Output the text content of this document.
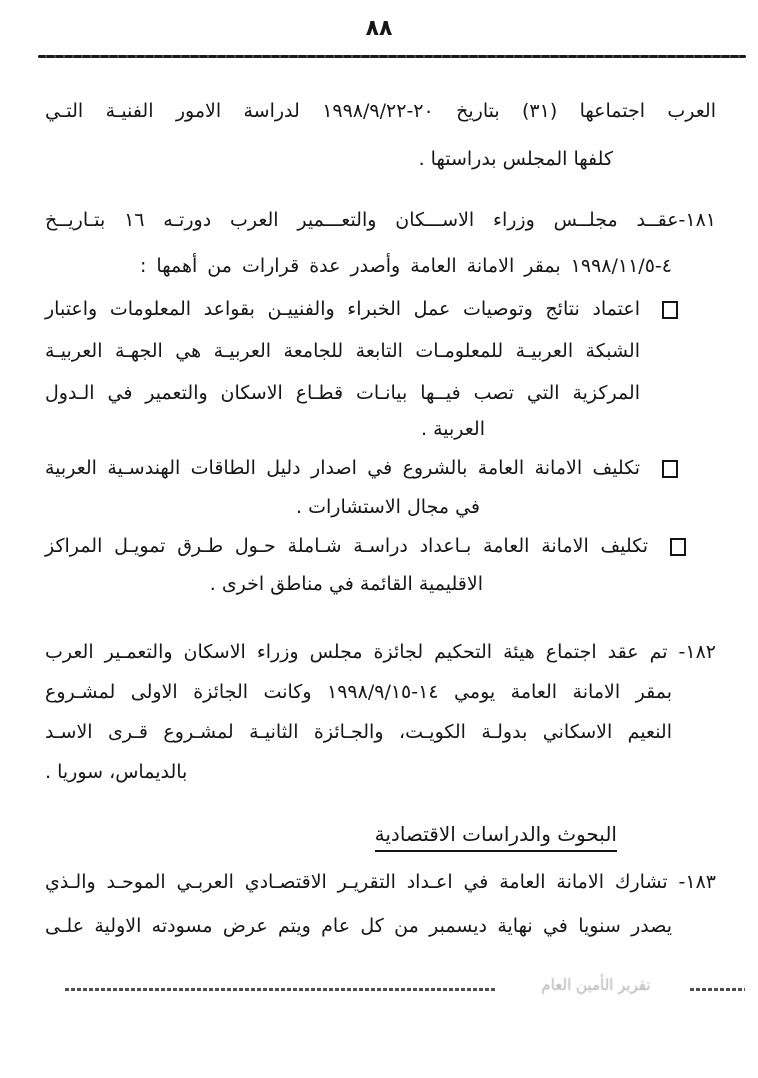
٨٨
العرب اجتماعها (٣١) بتاريخ ٢٠-١٩٩٨/٩/٢٢ لدراسة الامور الفنيـة التـي
كلفها المجلس بدراستها .
١٨١-عقــد مجلــس وزراء الاســـكان والتعـــمير العرب دورتـه ١٦ بتـاريــخ
٤-١٩٩٨/١١/٥ بمقر الامانة العامة وأصدر عدة قرارات من أهمها :
اعتماد نتائج وتوصيات عمل الخبراء والفنييـن بقواعد المعلومات واعتبار
الشبكة العربيـة للمعلومـات التابعة للجامعة العربيـة هي الجهـة العربيـة
المركزية التي تصب فيــها بيانـات قطـاع الاسكان والتعمير في الـدول
العربية .
تكليف الامانة العامة بالشروع في اصدار دليل الطاقات الهندسـية العربية
في مجال الاستشارات .
تكليف الامانة العامة بـاعداد دراسـة شـاملة حـول طـرق تمويـل المراكز
الاقليمية القائمة في مناطق اخرى .
١٨٢- تم عقد اجتماع هيئة التحكيم لجائزة مجلس وزراء الاسكان والتعمـير العرب
بمقر الامانة العامة يومي ١٤-١٩٩٨/٩/١٥ وكانت الجائزة الاولى لمشـروع
النعيم الاسكاني بدولـة الكويـت، والجـائزة الثانيـة لمشـروع قـرى الاسـد
بالديماس، سوريا .
البحوث والدراسات الاقتصادية
١٨٣- تشارك الامانة العامة في اعـداد التقريـر الاقتصـادي العربـي الموحـد والـذي
يصدر سنويا في نهاية ديسمبر من كل عام ويتم عرض مسودته الاولية علـى
تقرير الأمين العام
